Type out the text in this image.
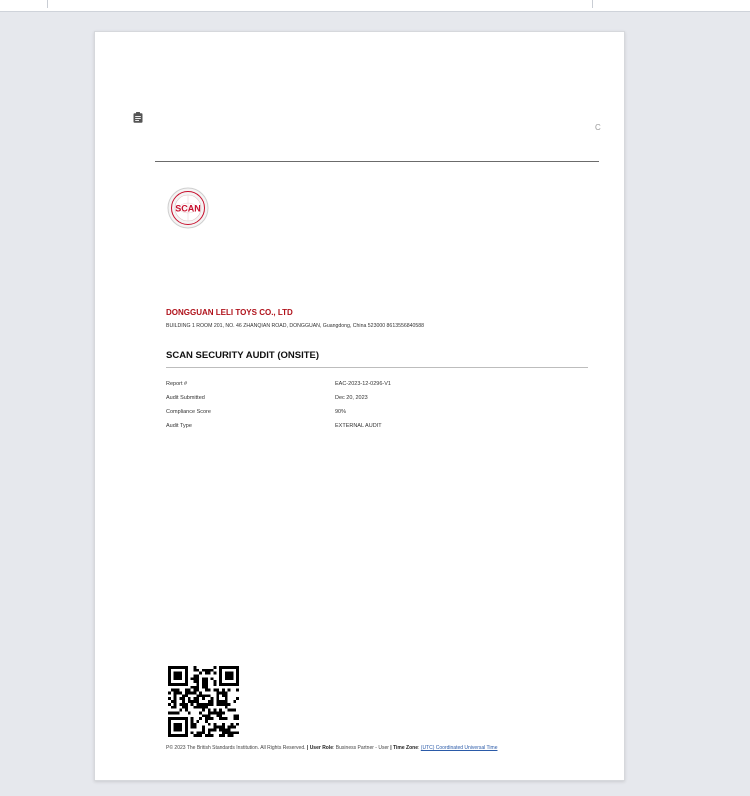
C
SCAN
DONGGUAN LELI TOYS CO., LTD
BUILDING 1 ROOM 201, NO. 46 ZHANQIAN ROAD, DONGGUAN, Guangdong, China 523000 8613556840588
SCAN SECURITY AUDIT (ONSITE)
Report #	EAC-2023-12-0296-V1
Audit Submitted	Dec 20, 2023
Compliance Score	90%
Audit Type	EXTERNAL AUDIT
P© 2023 The British Standards Institution. All Rights Reserved. | User Role: Business Partner - User | Time Zone: (UTC) Coordinated Universal Time
